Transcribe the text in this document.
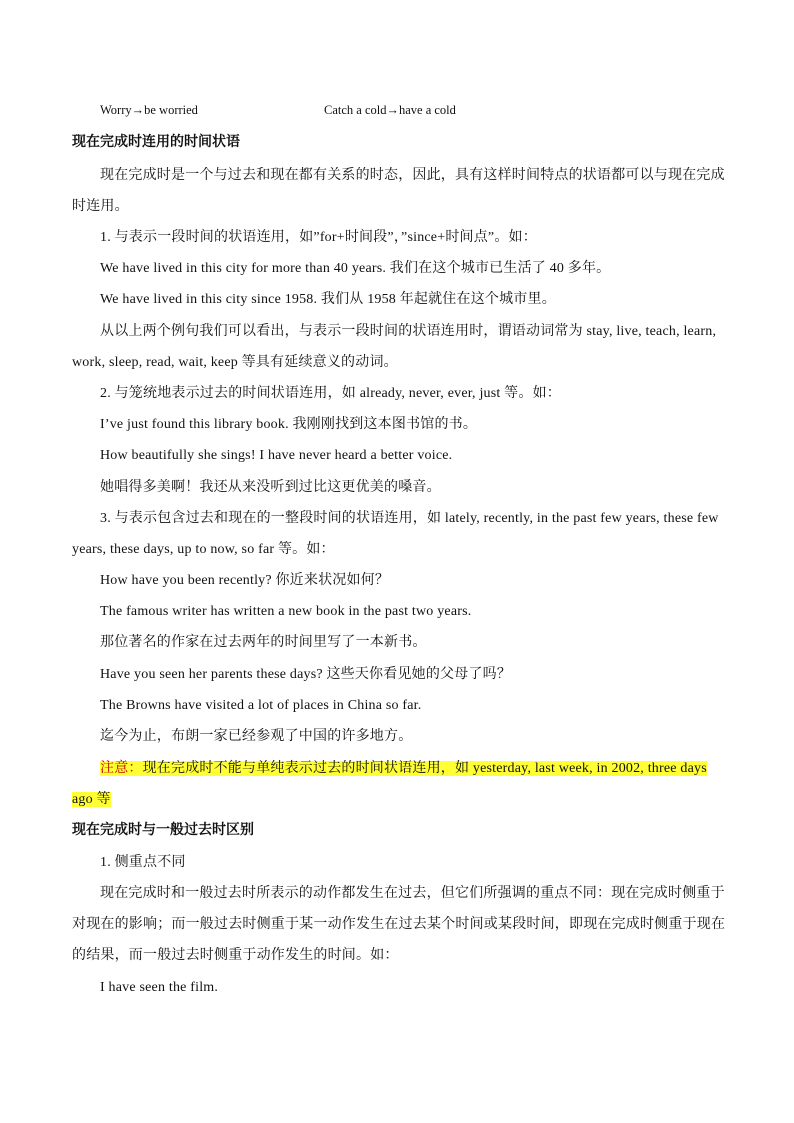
Worry→be worried	Catch a cold→have a cold
现在完成时连用的时间状语
现在完成时是一个与过去和现在都有关系的时态，因此，具有这样时间特点的状语都可以与现在完成
时连用。
1. 与表示一段时间的状语连用，如”for+时间段”，”since+时间点”。如：
We have lived in this city for more than 40 years. 我们在这个城市已生活了 40 多年。
We have lived in this city since 1958. 我们从 1958 年起就住在这个城市里。
从以上两个例句我们可以看出，与表示一段时间的状语连用时，谓语动词常为 stay, live, teach, learn,
work, sleep, read, wait, keep 等具有延续意义的动词。
2. 与笼统地表示过去的时间状语连用，如 already, never, ever, just 等。如：
I’ve just found this library book. 我刚刚找到这本图书馆的书。
How beautifully she sings! I have never heard a better voice.
她唱得多美啊！我还从来没听到过比这更优美的嗓音。
3. 与表示包含过去和现在的一整段时间的状语连用，如 lately, recently, in the past few years, these few
years, these days, up to now, so far 等。如：
How have you been recently? 你近来状况如何？
The famous writer has written a new book in the past two years.
那位著名的作家在过去两年的时间里写了一本新书。
Have you seen her parents these days? 这些天你看见她的父母了吗？
The Browns have visited a lot of places in China so far.
迄今为止，布朗一家已经参观了中国的许多地方。
注意：现在完成时不能与单纯表示过去的时间状语连用，如 yesterday, last week, in 2002, three days
ago 等
现在完成时与一般过去时区别
1. 侧重点不同
现在完成时和一般过去时所表示的动作都发生在过去，但它们所强调的重点不同：现在完成时侧重于
对现在的影响；而一般过去时侧重于某一动作发生在过去某个时间或某段时间，即现在完成时侧重于现在
的结果，而一般过去时侧重于动作发生的时间。如：
I have seen the film.
